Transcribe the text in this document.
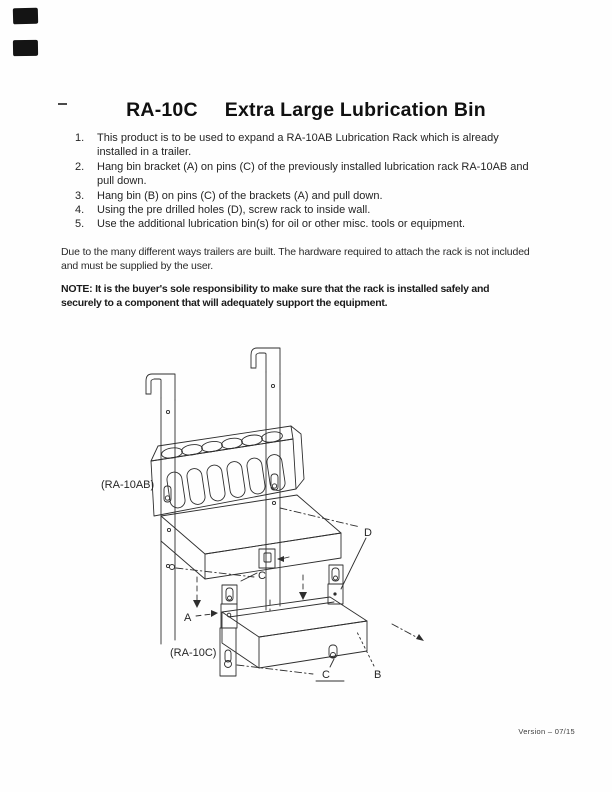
RA-10C Extra Large Lubrication Bin
1. This product is to be used to expand a RA-10AB Lubrication Rack which is already
installed in a trailer.
2. Hang bin bracket (A) on pins (C) of the previously installed lubrication rack RA-10AB and
pull down.
3. Hang bin (B) on pins (C) of the brackets (A) and pull down.
4. Using the pre drilled holes (D), screw rack to inside wall.
5. Use the additional lubrication bin(s) for oil or other misc. tools or equipment.
Due to the many different ways trailers are built. The hardware required to attach the rack is not included
and must be supplied by the user.
NOTE: It is the buyer's sole responsibility to make sure that the rack is installed safely and
securely to a component that will adequately support the equipment.
(RA-10AB)
(RA-10C)
A
B
C
C
D
Version – 07/15
